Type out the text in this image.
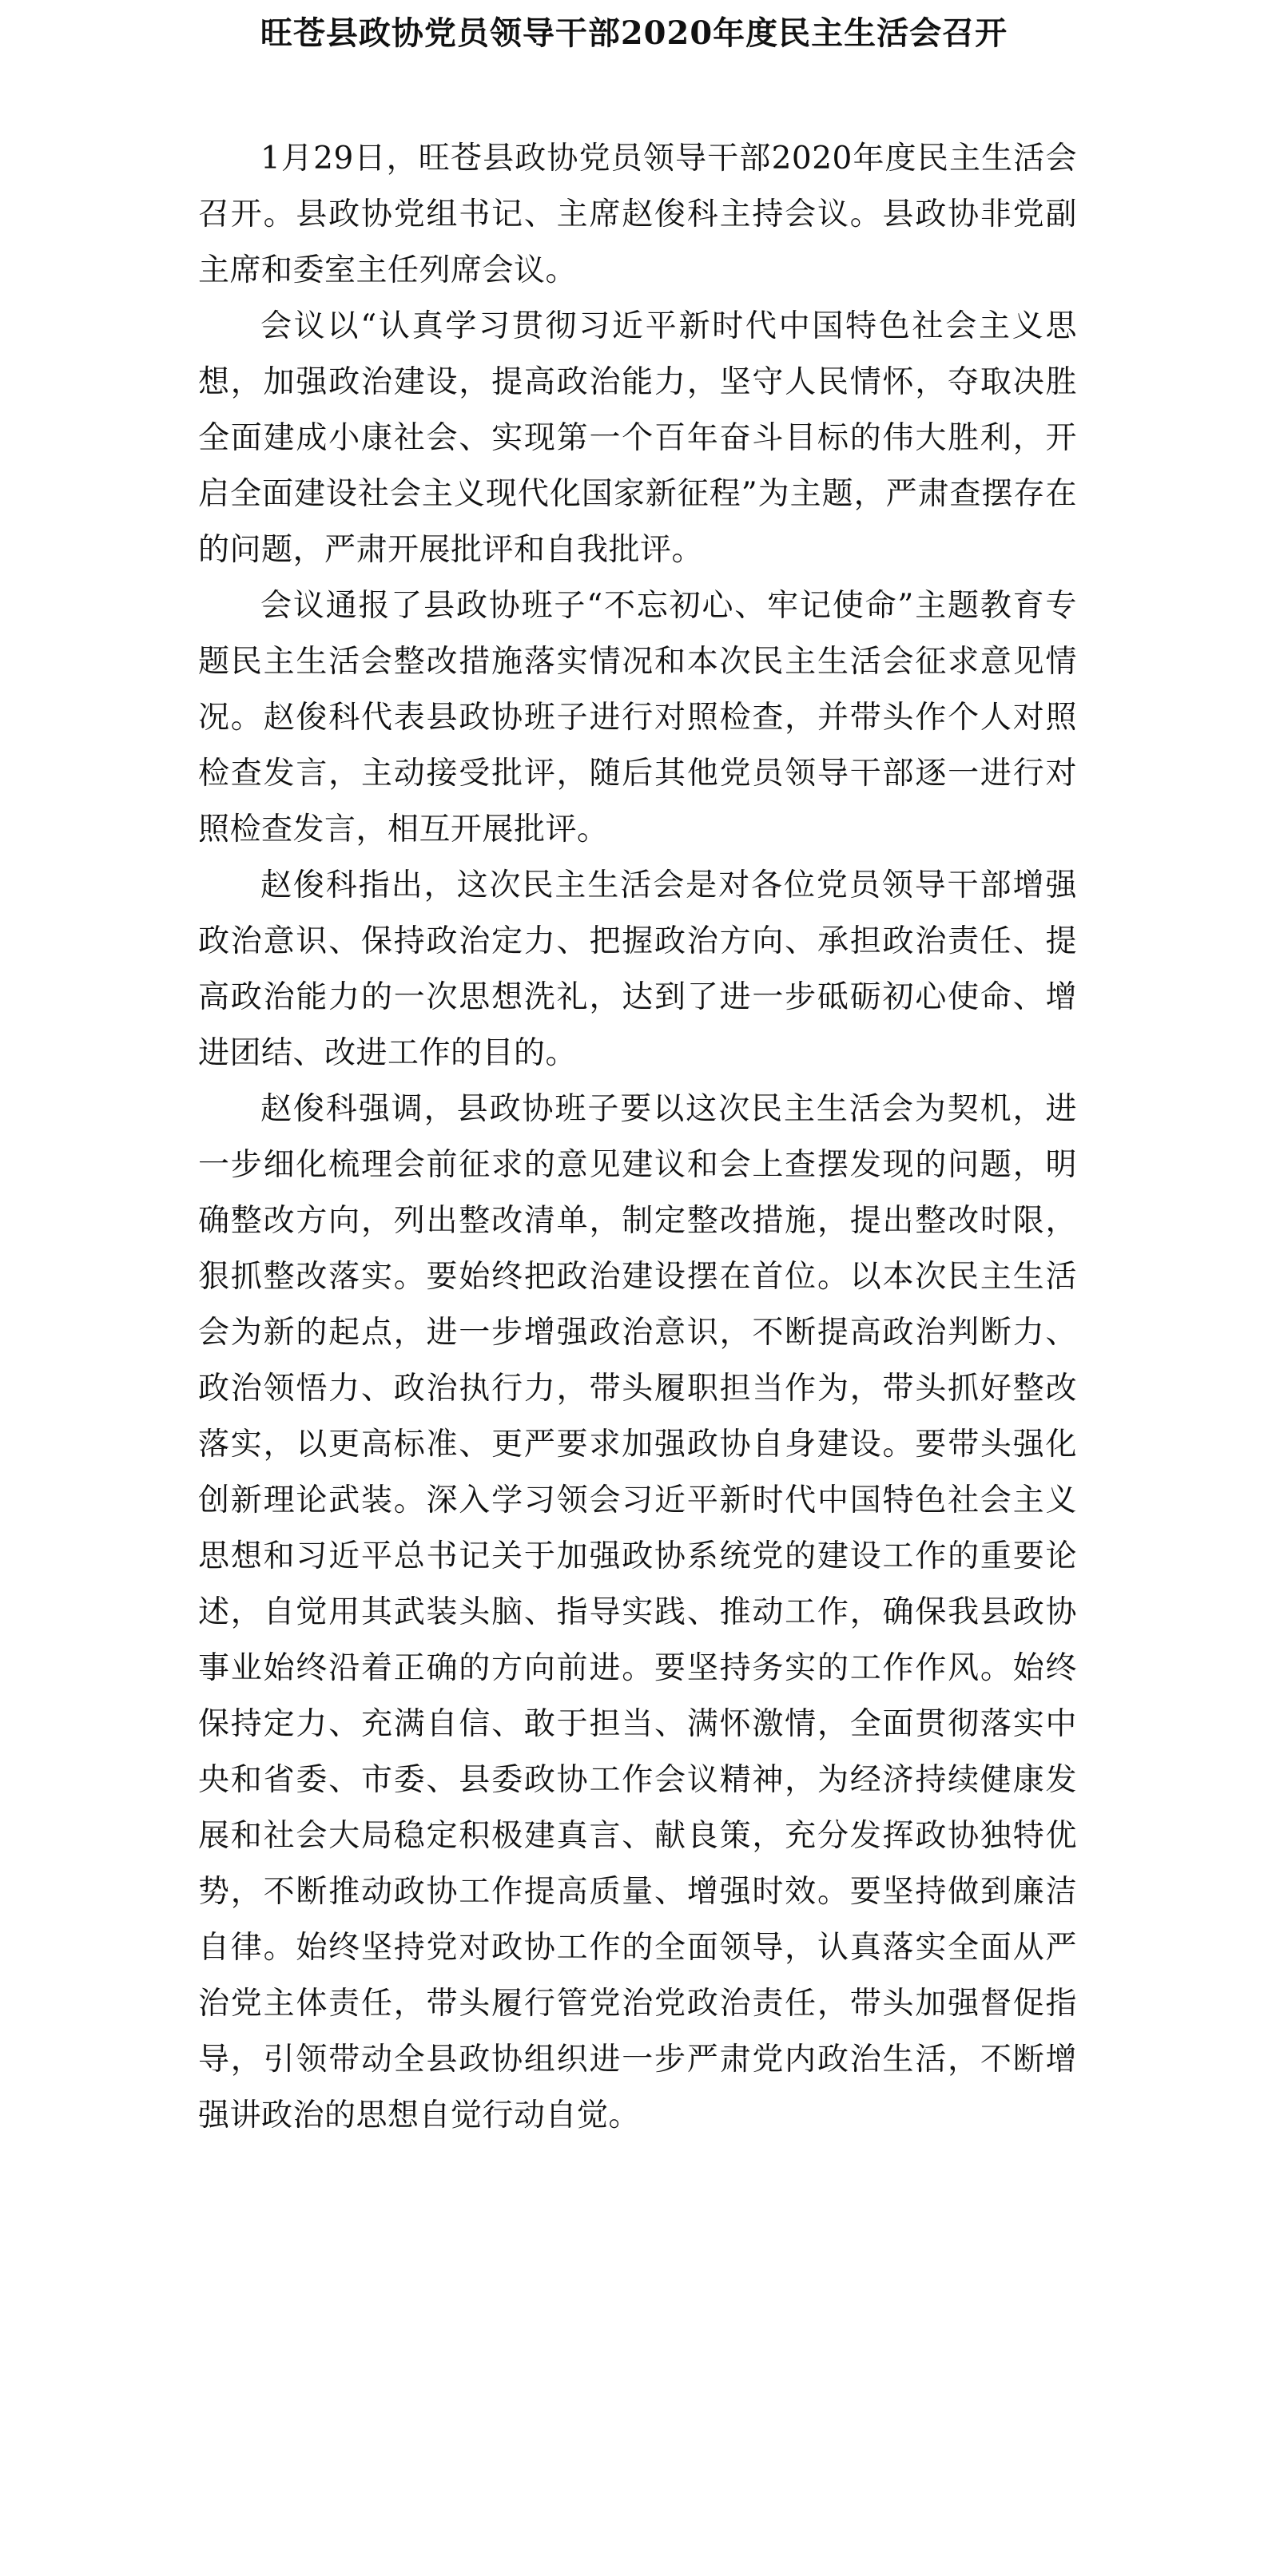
旺苍县政协党员领导干部2020年度民主生活会召开

1月29日，旺苍县政协党员领导干部2020年度民主生活会召开。县政协党组书记、主席赵俊科主持会议。县政协非党副主席和委室主任列席会议。

会议以“认真学习贯彻习近平新时代中国特色社会主义思想，加强政治建设，提高政治能力，坚守人民情怀，夺取决胜全面建成小康社会、实现第一个百年奋斗目标的伟大胜利，开启全面建设社会主义现代化国家新征程”为主题，严肃查摆存在的问题，严肃开展批评和自我批评。

会议通报了县政协班子“不忘初心、牢记使命”主题教育专题民主生活会整改措施落实情况和本次民主生活会征求意见情况。赵俊科代表县政协班子进行对照检查，并带头作个人对照检查发言，主动接受批评，随后其他党员领导干部逐一进行对照检查发言，相互开展批评。

赵俊科指出，这次民主生活会是对各位党员领导干部增强政治意识、保持政治定力、把握政治方向、承担政治责任、提高政治能力的一次思想洗礼，达到了进一步砥砺初心使命、增进团结、改进工作的目的。

赵俊科强调，县政协班子要以这次民主生活会为契机，进一步细化梳理会前征求的意见建议和会上查摆发现的问题，明确整改方向，列出整改清单，制定整改措施，提出整改时限，狠抓整改落实。要始终把政治建设摆在首位。以本次民主生活会为新的起点，进一步增强政治意识，不断提高政治判断力、政治领悟力、政治执行力，带头履职担当作为，带头抓好整改落实，以更高标准、更严要求加强政协自身建设。要带头强化创新理论武装。深入学习领会习近平新时代中国特色社会主义思想和习近平总书记关于加强政协系统党的建设工作的重要论述，自觉用其武装头脑、指导实践、推动工作，确保我县政协事业始终沿着正确的方向前进。要坚持务实的工作作风。始终保持定力、充满自信、敢于担当、满怀激情，全面贯彻落实中央和省委、市委、县委政协工作会议精神，为经济持续健康发展和社会大局稳定积极建真言、献良策，充分发挥政协独特优势，不断推动政协工作提高质量、增强时效。要坚持做到廉洁自律。始终坚持党对政协工作的全面领导，认真落实全面从严治党主体责任，带头履行管党治党政治责任，带头加强督促指导，引领带动全县政协组织进一步严肃党内政治生活，不断增强讲政治的思想自觉行动自觉。
